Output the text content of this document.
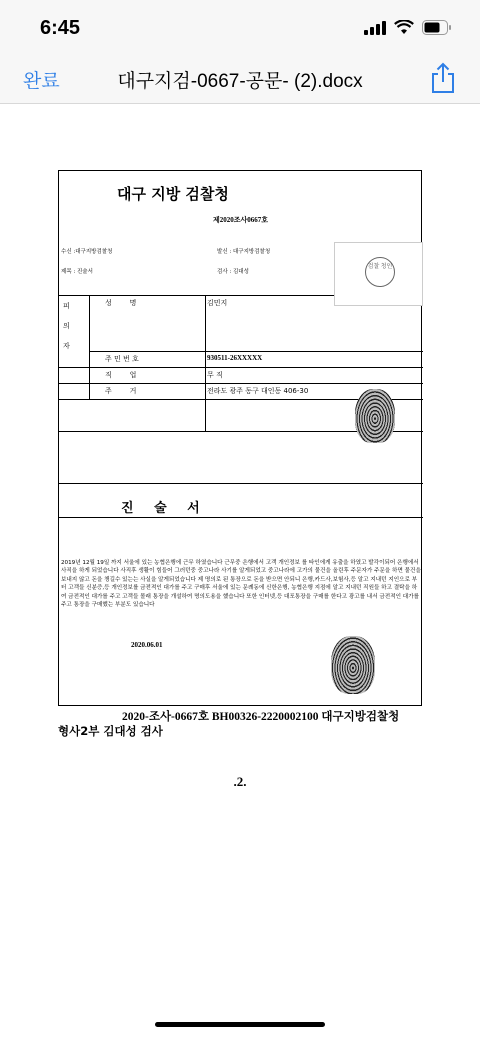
6:45
완료	대구지검-0667-공문- (2).docx
대구 지방 검찰청
제2020조사0667호
수신 :대구지방검찰청	발신 : 대구지방검찰청
제목 : 진술서	검사 : 김대성
검찰 청인
피
의
자
성        명	김민지
주 민 번 호	930511-26XXXXX
직        업	무 직
주        거	전라도 광주 동구 대인동 406-30
진 술 서

2019년 12월 19일 까지 서울에 있는 농협은행에 근무 하였습니다 근무중 은행에서 고객 개인정보 를 타인에게 유출을 하였고 발각이되어 은행에서 사직을 하게 되었습니다 사직후 생활이 힘들어 그러던중 중고나라 사기를 알게되었고 중고나라에 고가의 물건을 올린후 주문자가 주문을 하면 물건을 보내지 않고 돈을 챙길수 있는는 사실을 알게되었습니다 제 명의로 된 통장으로 돈을 받으면 안되니 은행,카드사,보험사,등 알고 지내던 지인으로 부터 고객들 신분증,등 개인정보를 금전적인 대가를 주고 구매후 서울에 있는 문례동에 신한은행, 농협은행 지점에 알고 지내던 직원들 하고 결탁을 하여 금전적인 대가를 주고 고객들 몰래 통장을 개설하여 명의도용을 했습니다 또한 인터넷,등 대포통장을 구매를 한다고 광고를 내서 금전적인 대가를 주고 통장을 구매했는 부분도 있습니다

2020.06.01
2020-조사-0667호 BH00326-2220002100 대구지방검찰청
형사2부 김대성 검사
.2.
